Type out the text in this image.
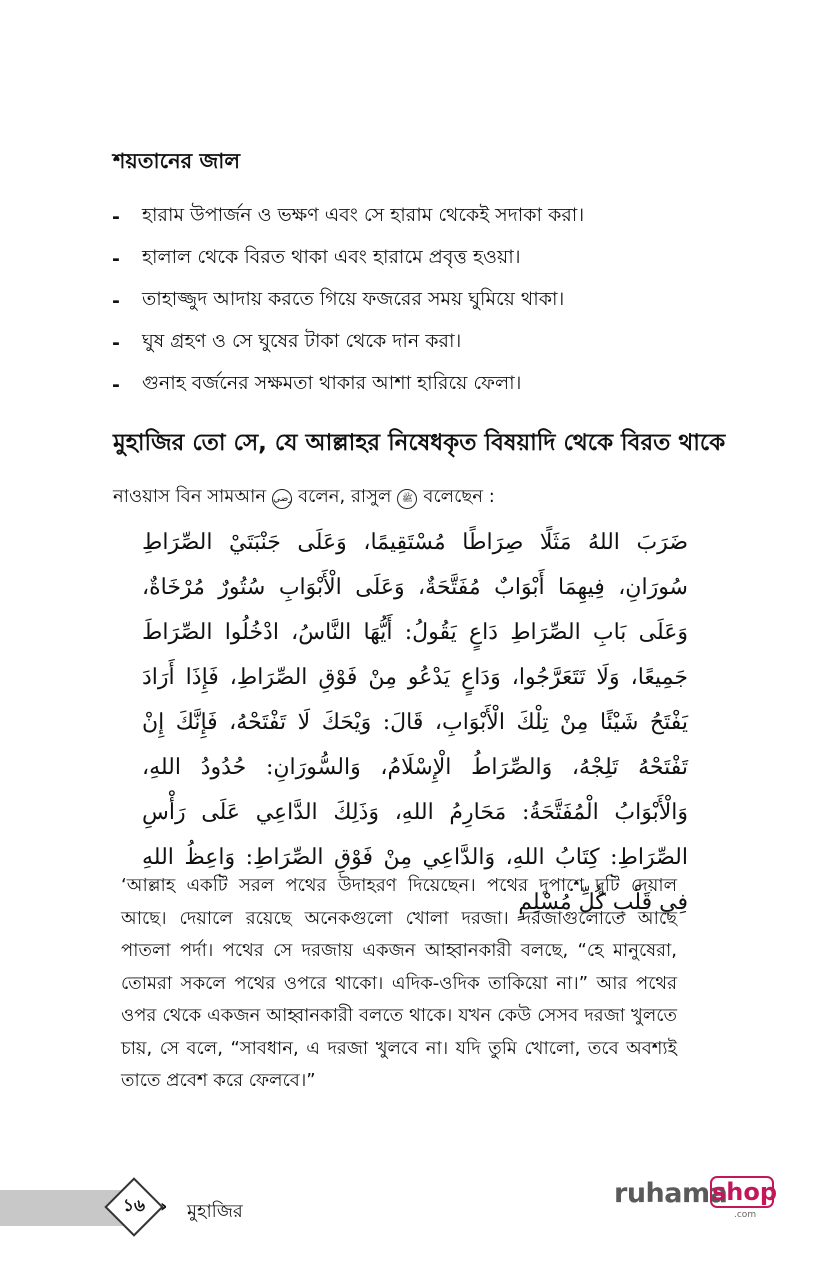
শয়তানের জাল
-	হারাম উপার্জন ও ভক্ষণ এবং সে হারাম থেকেই সদাকা করা।
-	হালাল থেকে বিরত থাকা এবং হারামে প্রবৃত্ত হওয়া।
-	তাহাজ্জুদ আদায় করতে গিয়ে ফজরের সময় ঘুমিয়ে থাকা।
-	ঘুষ গ্রহণ ও সে ঘুষের টাকা থেকে দান করা।
-	গুনাহ বর্জনের সক্ষমতা থাকার আশা হারিয়ে ফেলা।
মুহাজির তো সে, যে আল্লাহর নিষেধকৃত বিষয়াদি থেকে বিরত থাকে
নাওয়াস বিন সামআন رضي বলেন, রাসুল	ﷺ বলেছেন :

ضَرَبَ اللهُ مَثَلًا صِرَاطًا مُسْتَقِيمًا، وَعَلَى جَنْبَتَيْ الصِّرَاطِ سُورَانِ، فِيهِمَا أَبْوَابٌ مُفَتَّحَةٌ، وَعَلَى الْأَبْوَابِ سُتُورٌ مُرْخَاةٌ، وَعَلَى بَابِ الصِّرَاطِ دَاعٍ يَقُولُ: أَيُّهَا النَّاسُ، ادْخُلُوا الصِّرَاطَ جَمِيعًا، وَلَا تَتَعَرَّجُوا، وَدَاعٍ يَدْعُو مِنْ فَوْقِ الصِّرَاطِ، فَإِذَا أَرَادَ يَفْتَحُ شَيْئًا مِنْ تِلْكَ الْأَبْوَابِ، قَالَ: وَيْحَكَ لَا تَفْتَحْهُ، فَإِنَّكَ إِنْ تَفْتَحْهُ تَلِجْهُ، وَالصِّرَاطُ الْإِسْلَامُ، وَالسُّورَانِ: حُدُودُ اللهِ، وَالْأَبْوَابُ الْمُفَتَّحَةُ: مَحَارِمُ اللهِ، وَذَلِكَ الدَّاعِي عَلَى رَأْسِ الصِّرَاطِ: كِتَابُ اللهِ، وَالدَّاعِي مِنْ فَوْقِ الصِّرَاطِ: وَاعِظُ اللهِ فِي قَلْبِ كُلِّ مُسْلِمٍ

‘আল্লাহ একটি সরল পথের উদাহরণ দিয়েছেন। পথের দুপাশে দুটি দেয়াল আছে। দেয়ালে রয়েছে অনেকগুলো খোলা দরজা। দরজাগুলোতে আছে পাতলা পর্দা। পথের সে দরজায় একজন আহ্বানকারী বলছে, “হে মানুষেরা, তোমরা সকলে পথের ওপরে থাকো। এদিক-ওদিক তাকিয়ো না।” আর পথের ওপর থেকে একজন আহ্বানকারী বলতে থাকে। যখন কেউ সেসব দরজা খুলতে চায়, সে বলে, “সাবধান, এ দরজা খুলবে না। যদি তুমি খোলো, তবে অবশ্যই তাতে প্রবেশ করে ফেলবে।”

১৬ › মুহাজির
ruhama
shop
.com
